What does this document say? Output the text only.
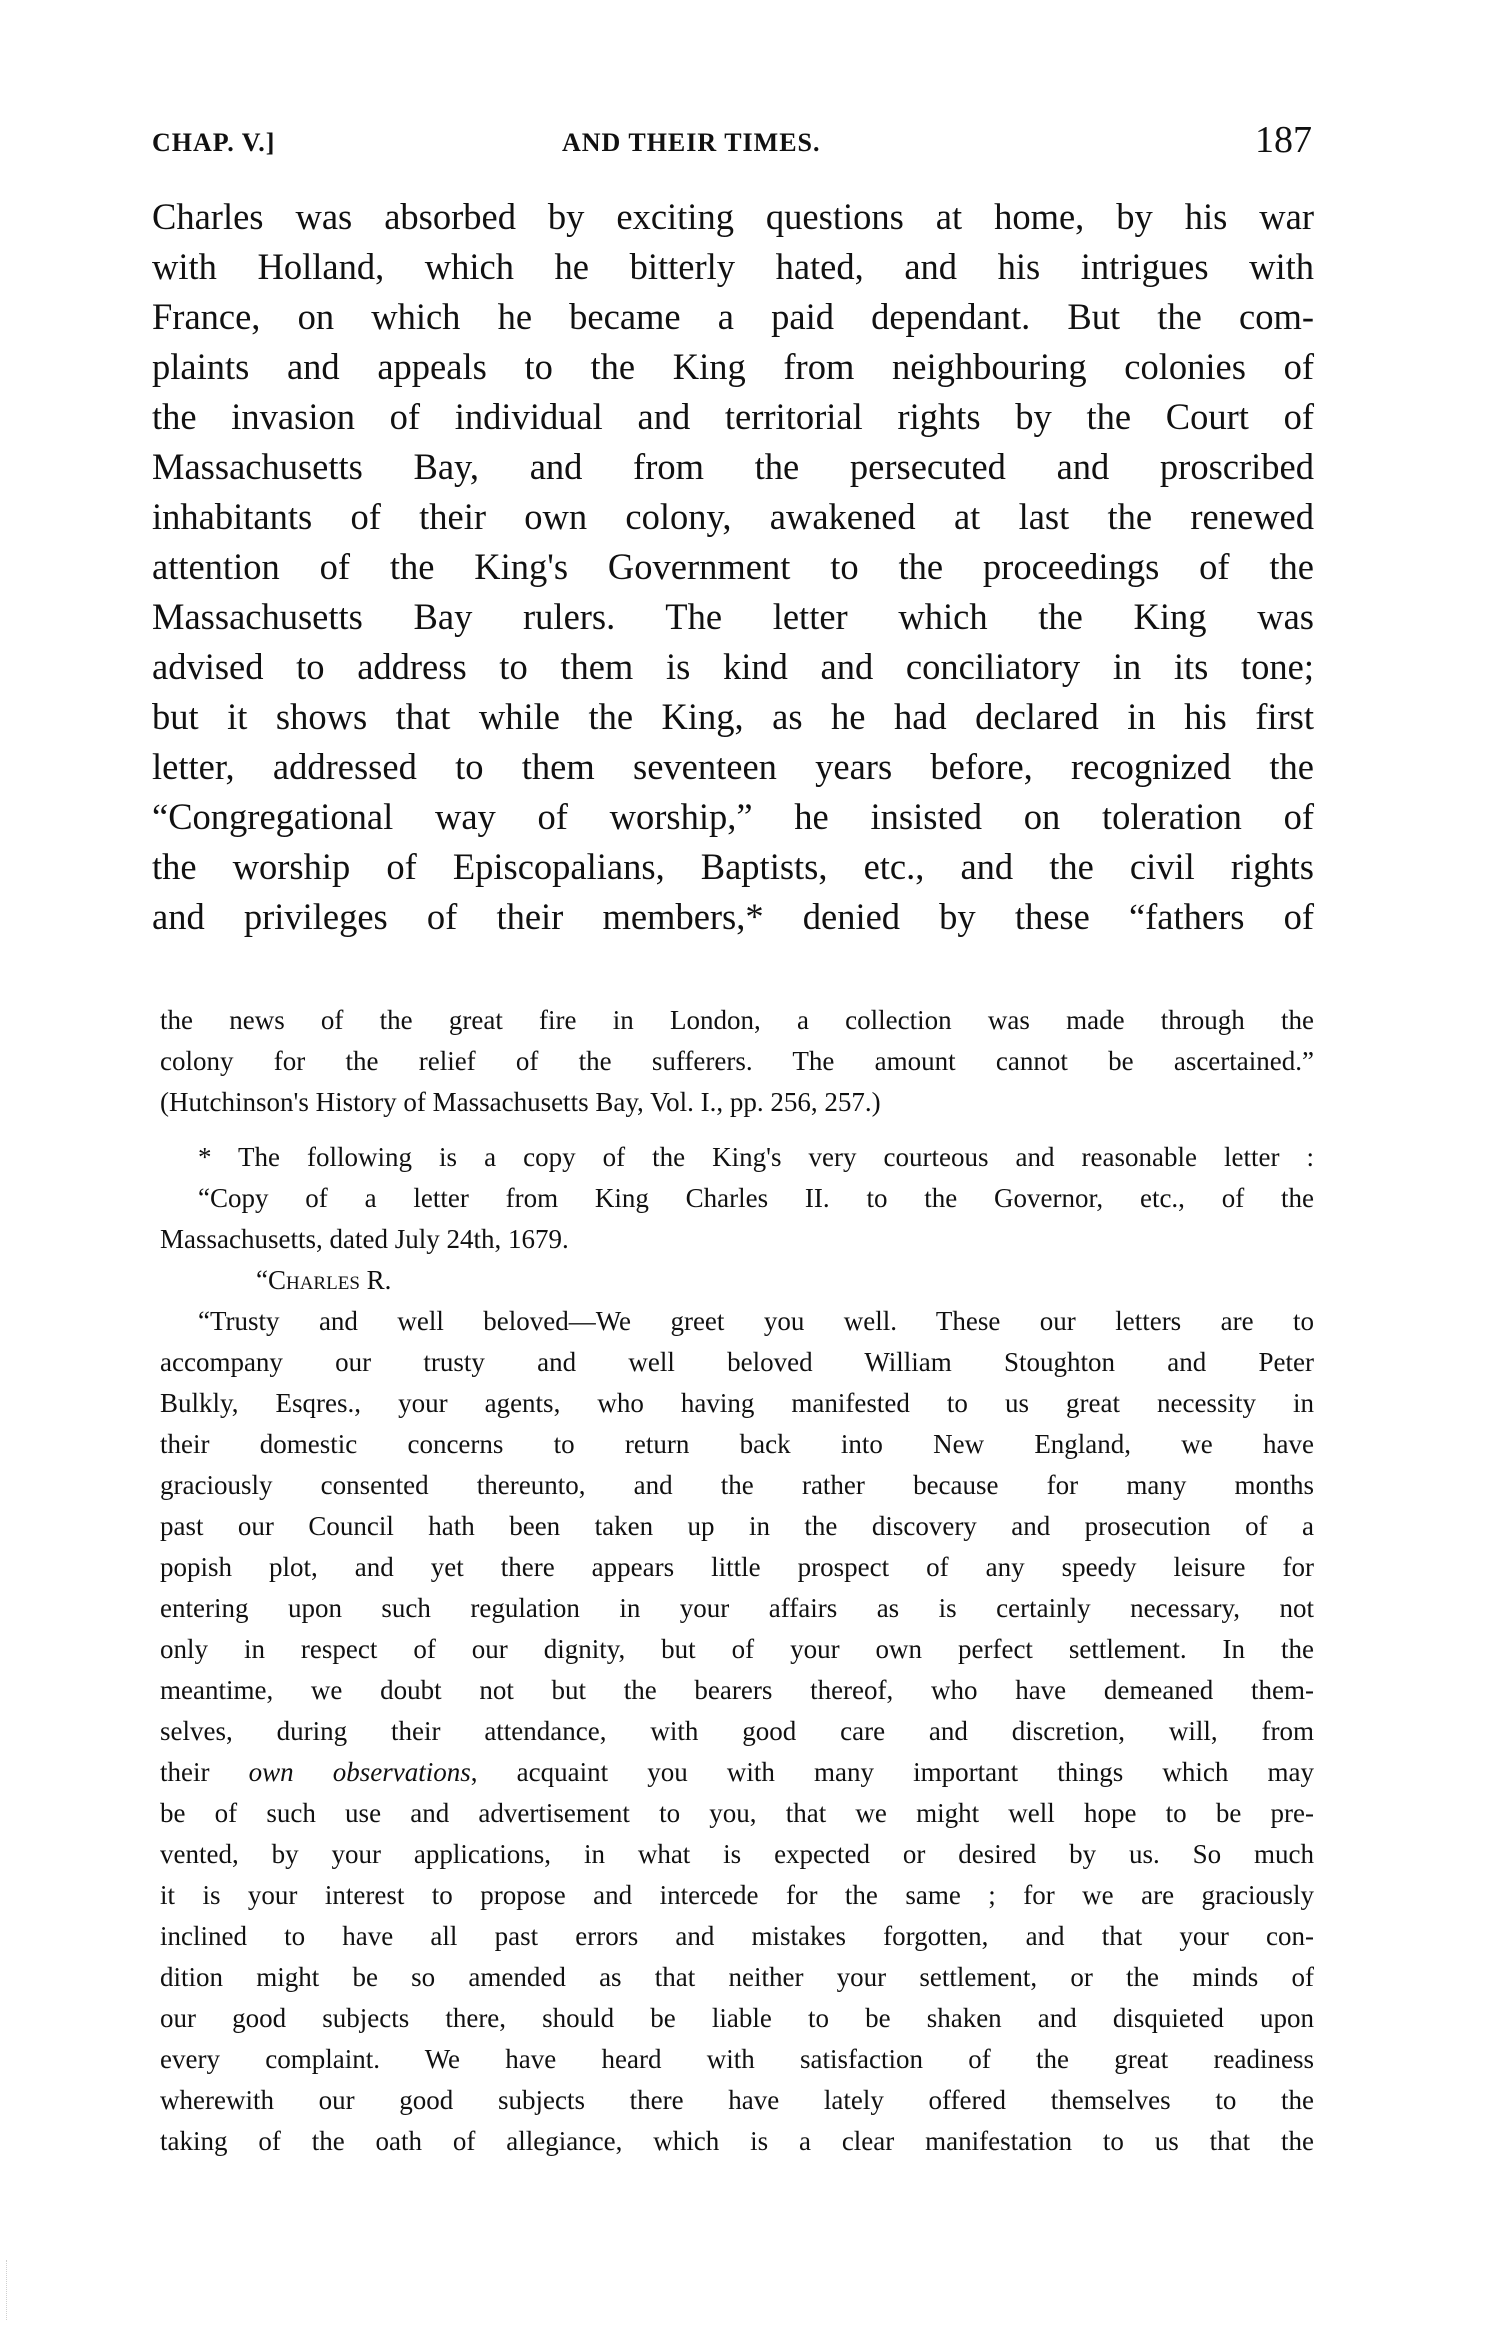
CHAP. V.]	AND THEIR TIMES.	187
Charles was absorbed by exciting questions at home, by his war
with Holland, which he bitterly hated, and his intrigues with
France, on which he became a paid dependant. But the com-
plaints and appeals to the King from neighbouring colonies of
the invasion of individual and territorial rights by the Court of
Massachusetts Bay, and from the persecuted and proscribed
inhabitants of their own colony, awakened at last the renewed
attention of the King's Government to the proceedings of the
Massachusetts Bay rulers. The letter which the King was
advised to address to them is kind and conciliatory in its tone;
but it shows that while the King, as he had declared in his first
letter, addressed to them seventeen years before, recognized the
“Congregational way of worship,” he insisted on toleration of
the worship of Episcopalians, Baptists, etc., and the civil rights
and privileges of their members,* denied by these “fathers of
the news of the great fire in London, a collection was made through the
colony for the relief of the sufferers. The amount cannot be ascertained.”
(Hutchinson's History of Massachusetts Bay, Vol. I., pp. 256, 257.)
* The following is a copy of the King's very courteous and reasonable letter :
“Copy of a letter from King Charles II. to the Governor, etc., of the
Massachusetts, dated July 24th, 1679.
“Charles R.
“Trusty and well beloved—We greet you well. These our letters are to
accompany our trusty and well beloved William Stoughton and Peter
Bulkly, Esqres., your agents, who having manifested to us great necessity in
their domestic concerns to return back into New England, we have
graciously consented thereunto, and the rather because for many months
past our Council hath been taken up in the discovery and prosecution of a
popish plot, and yet there appears little prospect of any speedy leisure for
entering upon such regulation in your affairs as is certainly necessary, not
only in respect of our dignity, but of your own perfect settlement. In the
meantime, we doubt not but the bearers thereof, who have demeaned them-
selves, during their attendance, with good care and discretion, will, from
their own observations, acquaint you with many important things which may
be of such use and advertisement to you, that we might well hope to be pre-
vented, by your applications, in what is expected or desired by us. So much
it is your interest to propose and intercede for the same ; for we are graciously
inclined to have all past errors and mistakes forgotten, and that your con-
dition might be so amended as that neither your settlement, or the minds of
our good subjects there, should be liable to be shaken and disquieted upon
every complaint. We have heard with satisfaction of the great readiness
wherewith our good subjects there have lately offered themselves to the
taking of the oath of allegiance, which is a clear manifestation to us that the
